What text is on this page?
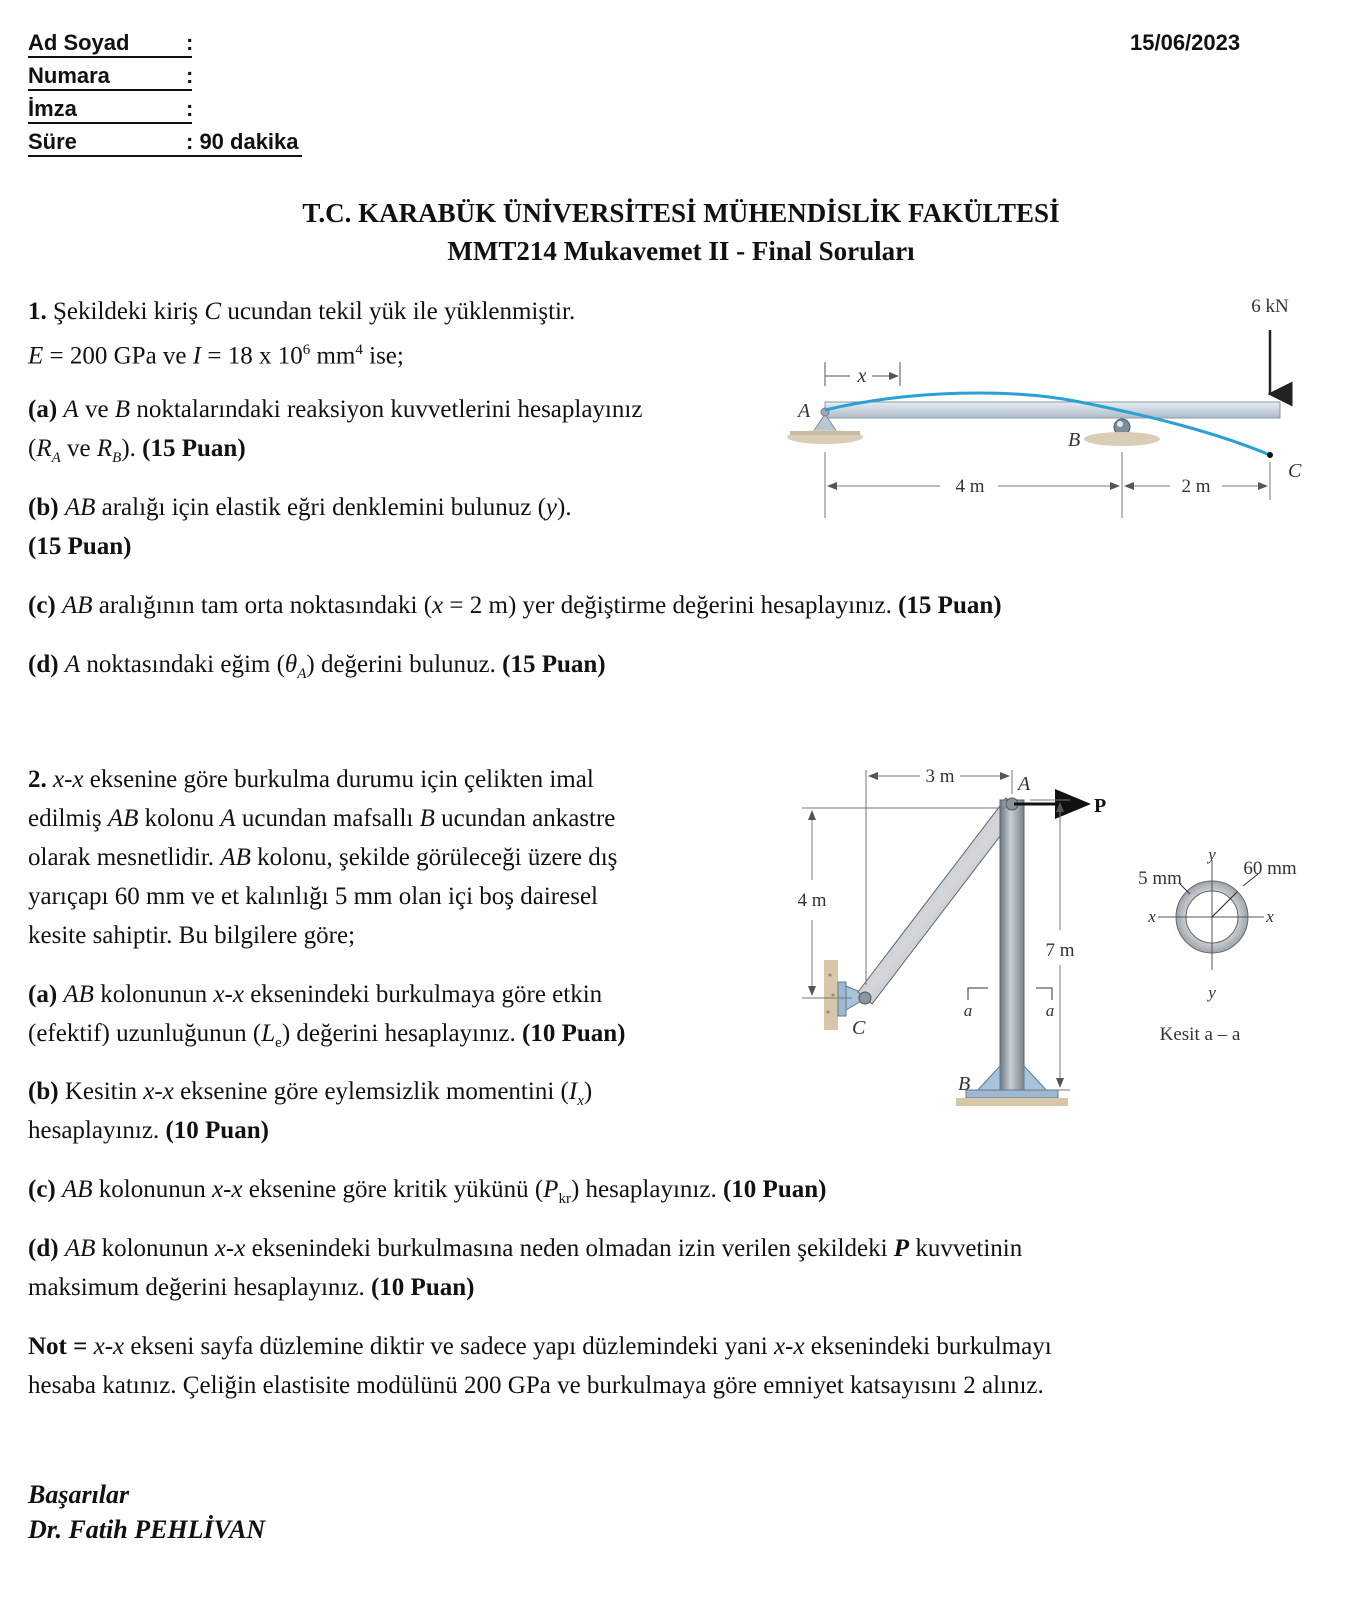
Ad Soyad	:
Numara	:
İmza	:
Süre	: 90 dakika
15/06/2023
T.C. KARABÜK ÜNİVERSİTESİ MÜHENDİSLİK FAKÜLTESİ
MMT214 Mukavemet II - Final Soruları
1. Şekildeki kiriş C ucundan tekil yük ile yüklenmiştir.
E = 200 GPa ve I = 18 x $10^6$ $mm^4$ ise;
(a) A ve B noktalarındaki reaksiyon kuvvetlerini hesaplayınız
($R_A$ ve $R_B$). (15 Puan)
(b) AB aralığı için elastik eğri denklemini bulunuz (y).
(15 Puan)
(c) AB aralığının tam orta noktasındaki (x = 2 m) yer değiştirme değerini hesaplayınız. (15 Puan)
(d) A noktasındaki eğim $(\theta_A)$ değerini bulunuz. (15 Puan)
6 kN
x
A
B
C
4 m	2 m
2. x-x eksenine göre burkulma durumu için çelikten imal
edilmiş AB kolonu A ucundan mafsallı B ucundan ankastre
olarak mesnetlidir. AB kolonu, şekilde görüleceği üzere dış
yarıçapı 60 mm ve et kalınlığı 5 mm olan içi boş dairesel
kesite sahiptir. Bu bilgilere göre;
(a) AB kolonunun x-x eksenindeki burkulmaya göre etkin
(efektif) uzunluğunun $(L_e)$ değerini hesaplayınız. (10 Puan)
(b) Kesitin x-x eksenine göre eylemsizlik momentini $(I_x)$
hesaplayınız. (10 Puan)
(c) AB kolonunun x-x eksenine göre kritik yükünü $(P_{kr})$ hesaplayınız. (10 Puan)
(d) AB kolonunun x-x eksenindeki burkulmasına neden olmadan izin verilen şekildeki P kuvvetinin
maksimum değerini hesaplayınız. (10 Puan)
P
3 m
4 m
7 m
a	a
A
C
B
y
y
x	x
5 mm	60 mm
Kesit a – a
Not = x-x ekseni sayfa düzlemine diktir ve sadece yapı düzlemindeki yani x-x eksenindeki burkulmayı
hesaba katınız. Çeliğin elastisite modülünü 200 GPa ve burkulmaya göre emniyet katsayısını 2 alınız.
Başarılar
Dr. Fatih PEHLİVAN
